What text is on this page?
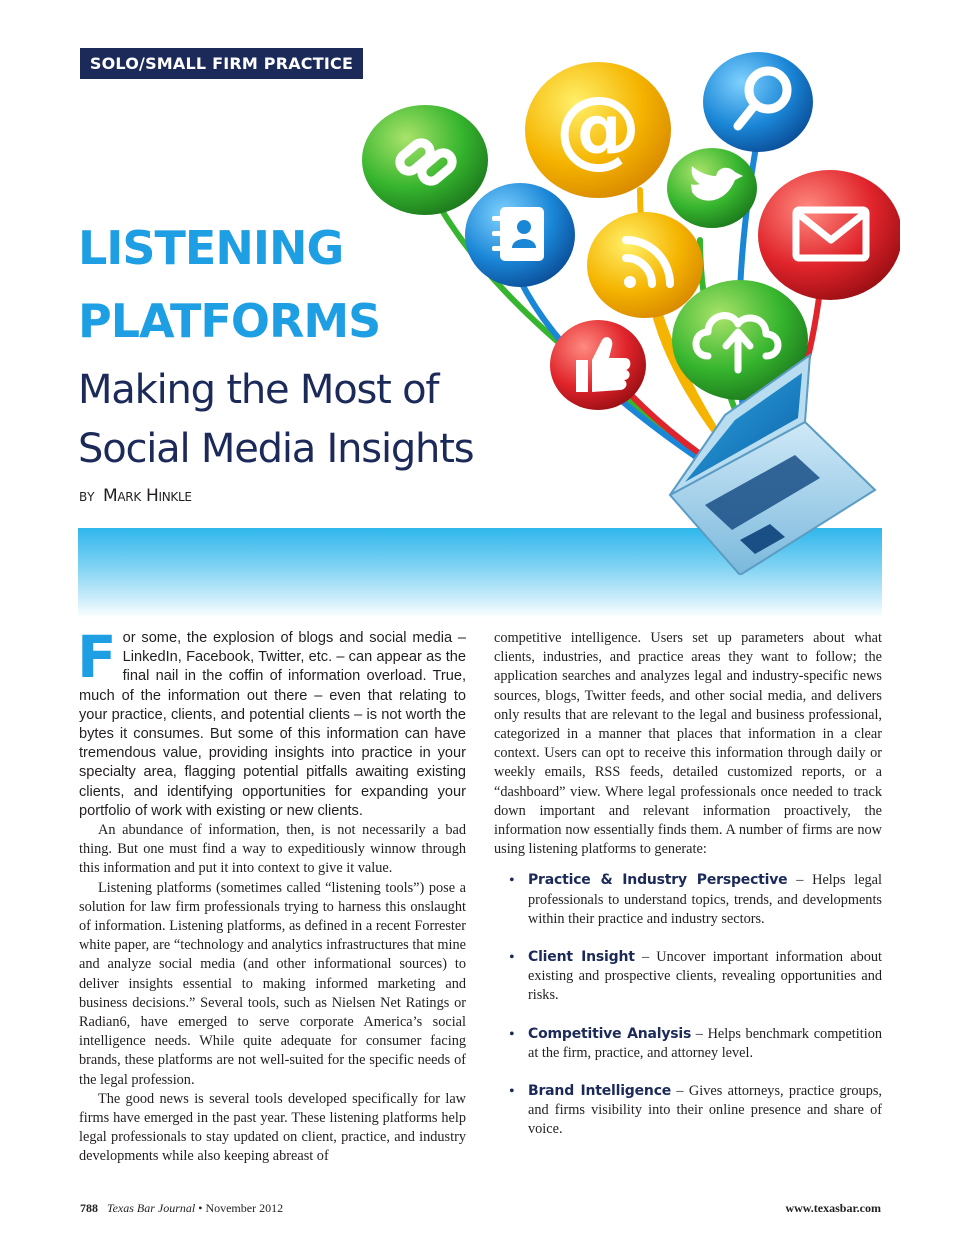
SOLO/SMALL FIRM PRACTICE
LISTENING
PLATFORMS
Making the Most of
Social Media Insights
BY Mark Hinkle
@

For some, the explosion of blogs and social media – LinkedIn, Facebook, Twitter, etc. – can appear as the final nail in the coffin of information overload. True, much of the information out there – even that relating to your practice, clients, and potential clients – is not worth the bytes it consumes. But some of this information can have tremendous value, providing insights into practice in your specialty area, flagging potential pitfalls awaiting existing clients, and identifying opportunities for expanding your portfolio of work with existing or new clients.

An abundance of information, then, is not necessarily a bad thing. But one must find a way to expeditiously winnow through this information and put it into context to give it value.

Listening platforms (sometimes called “listening tools”) pose a solution for law firm professionals trying to harness this onslaught of information. Listening platforms, as defined in a recent Forrester white paper, are “technology and analytics infrastructures that mine and analyze social media (and other informational sources) to deliver insights essential to making informed marketing and business decisions.” Several tools, such as Nielsen Net Ratings or Radian6, have emerged to serve corporate America’s social intelligence needs. While quite adequate for consumer facing brands, these platforms are not well-suited for the specific needs of the legal profession.

The good news is several tools developed specifically for law firms have emerged in the past year. These listening platforms help legal professionals to stay updated on client, practice, and industry developments while also keeping abreast of

competitive intelligence. Users set up parameters about what clients, industries, and practice areas they want to follow; the application searches and analyzes legal and industry-specific news sources, blogs, Twitter feeds, and other social media, and delivers only results that are relevant to the legal and business professional, categorized in a manner that places that information in a clear context. Users can opt to receive this information through daily or weekly emails, RSS feeds, detailed customized reports, or a “dashboard” view. Where legal professionals once needed to track down important and relevant information proactively, the information now essentially finds them. A number of firms are now using listening platforms to generate:

• Practice & Industry Perspective – Helps legal professionals to understand topics, trends, and developments within their practice and industry sectors.
• Client Insight – Uncover important information about existing and prospective clients, revealing opportunities and risks.
• Competitive Analysis – Helps benchmark competition at the firm, practice, and attorney level.
• Brand Intelligence – Gives attorneys, practice groups, and firms visibility into their online presence and share of voice.
788 Texas Bar Journal • November 2012	www.texasbar.com
